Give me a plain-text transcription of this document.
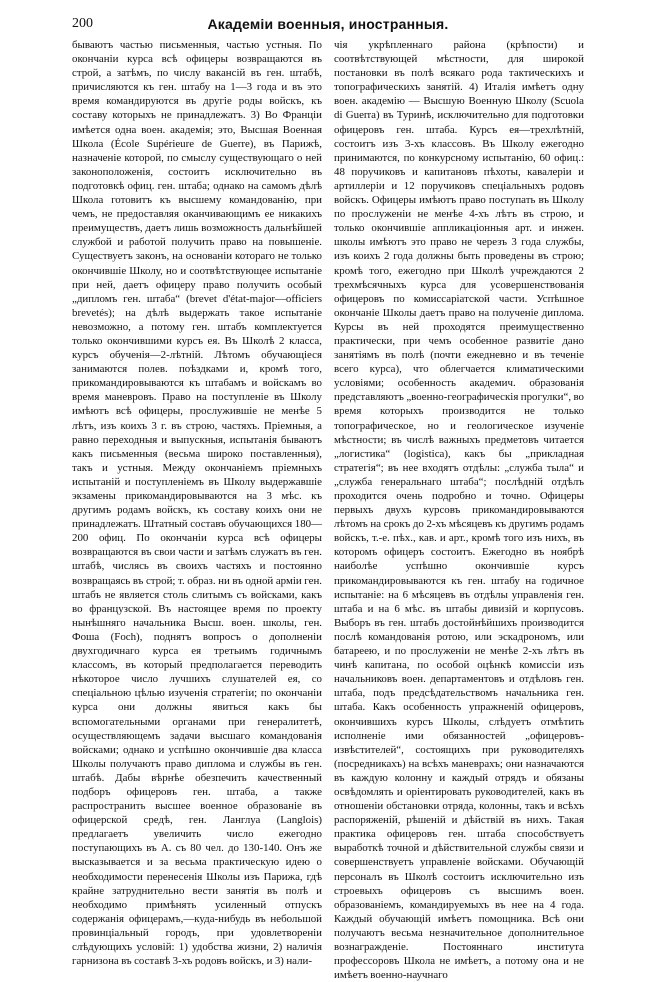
200	Академіи военныя, иностранныя.

бываютъ частью письменныя, частью устныя. По окончаніи курса всѣ офицеры возвращаются въ строй, а затѣмъ, по числу вакансій въ ген. штабѣ, причисляются къ ген. штабу на 1—3 года и въ это время командируются въ другіе роды войскъ, къ составу которыхъ не принадлежатъ. 3) Во Франціи имѣется одна воен. академія; это, Высшая Военная Школа (École Supérieure de Guerre), въ Парижѣ, назначеніе которой, по смыслу существующаго о ней законоположенія, состоитъ исключительно въ подготовкѣ офиц. ген. штаба; однако на самомъ дѣлѣ Школа готовитъ къ высшему командованію, при чемъ, не предоставляя оканчивающимъ ее никакихъ преимуществъ, даетъ лишь возможность дальнѣйшей службой и работой получить право на повышеніе. Существуетъ законъ, на основаніи котораго не только окончившіе Школу, но и соотвѣтствующее испытаніе при ней, даетъ офицеру право получить особый „дипломъ ген. штаба“ (brevet d'état-major—officiers brevetés); на дѣлѣ выдержать такое испытаніе невозможно, а потому ген. штабъ комплектуется только окончившими курсъ ея. Въ Школѣ 2 класса, курсъ обученія—2-лѣтній. Лѣтомъ обучающіеся занимаются полев. поѣздками и, кромѣ того, прикомандировываются къ штабамъ и войскамъ во время маневровъ. Право на поступленіе въ Школу имѣютъ всѣ офицеры, прослужившіе не менѣе 5 лѣтъ, изъ коихъ 3 г. въ строю, частяхъ. Пріемныя, а равно переходныя и выпускныя, испытанія бываютъ какъ письменныя (весьма широко поставленныя), такъ и устныя. Между окончаніемъ пріемныхъ испытаній и поступленіемъ въ Школу выдержавшіе экзамены прикомандировываются на 3 мѣс. къ другимъ родамъ войскъ, къ составу коихъ они не принадлежатъ. Штатный составъ обучающихся 180—200 офиц. По окончаніи курса всѣ офицеры возвращаются въ свои части и затѣмъ служатъ въ ген. штабѣ, числясь въ своихъ частяхъ и постоянно возвращаясь въ строй; т. образ. ни въ одной арміи ген. штабъ не является столь слитымъ съ войсками, какъ во французской. Въ настоящее время по проекту нынѣшняго начальника Высш. воен. школы, ген. Фоша (Foch), поднятъ вопросъ о дополненіи двухгодичнаго курса ея третьимъ годичнымъ классомъ, въ который предполагается переводить нѣкоторое число лучшихъ слушателей ея, со спеціальною цѣлью изученія стратегіи; по окончаніи курса они должны явиться какъ бы вспомогательными органами при генералитетѣ, осуществляющемъ задачи высшаго командованія войсками; однако и успѣшно окончившіе два класса Школы получаютъ право диплома и службы въ ген. штабѣ. Дабы вѣрнѣе обезпечить качественный подборъ офицеровъ ген. штаба, а также распространить высшее военное образованіе въ офицерской средѣ, ген. Ланглуа (Langlois) предлагаетъ увеличить число ежегодно поступающихъ въ А. съ 80 чел. до 130-140. Онъ же высказывается и за весьма практическую идею о необходимости перенесенія Школы изъ Парижа, гдѣ крайне затруднительно вести занятія въ полѣ и необходимо примѣнять усиленный отпускъ содержанія офицерамъ,—куда-нибудь въ небольшой провинціальный городъ, при удовлетвореніи слѣдующихъ условій: 1) удобства жизни, 2) наличія гарнизона въ составѣ 3-хъ родовъ войскъ, и 3) нали-

чія укрѣпленнаго района (крѣпости) и соотвѣтствующей мѣстности, для широкой постановки въ полѣ всякаго рода тактическихъ и топографическихъ занятій. 4) Италія имѣетъ одну воен. академію — Высшую Военную Школу (Scuola di Guerra) въ Туринѣ, исключительно для подготовки офицеровъ ген. штаба. Курсъ ея—трехлѣтній, состоитъ изъ 3-хъ классовъ. Въ Школу ежегодно принимаются, по конкурсному испытанію, 60 офиц.: 48 поручиковъ и капитановъ пѣхоты, кавалеріи и артиллеріи и 12 поручиковъ спеціальныхъ родовъ войскъ. Офицеры имѣютъ право поступать въ Школу по прослуженіи не менѣе 4-хъ лѣтъ въ строю, и только окончившіе аппликаціонныя арт. и инжен. школы имѣютъ это право не черезъ 3 года службы, изъ коихъ 2 года должны быть проведены въ строю; кромѣ того, ежегодно при Школѣ учреждаются 2 трехмѣсячныхъ курса для усовершенствованія офицеровъ по комиссаріатской части. Успѣшное окончаніе Школы даетъ право на полученіе диплома. Курсы въ ней проходятся преимущественно практически, при чемъ особенное развитіе дано занятіямъ въ полѣ (почти ежедневно и въ теченіе всего курса), что облегчается климатическими условіями; особенность академич. образованія представляютъ „военно-географическія прогулки“, во время которыхъ производится не только топографическое, но и геологическое изученіе мѣстности; въ числѣ важныхъ предметовъ читается „логистика“ (logistica), какъ бы „прикладная стратегія“; въ нее входятъ отдѣлы: „служба тыла“ и „служба генеральнаго штаба“; послѣдній отдѣлъ проходится очень подробно и точно. Офицеры первыхъ двухъ курсовъ прикомандировываются лѣтомъ на срокъ до 2-хъ мѣсяцевъ къ другимъ родамъ войскъ, т.-е. пѣх., кав. и арт., кромѣ того изъ нихъ, въ которомъ офицеръ состоитъ. Ежегодно въ ноябрѣ наиболѣе успѣшно окончившіе курсъ прикомандировываются къ ген. штабу на годичное испытаніе: на 6 мѣсяцевъ въ отдѣлы управленія ген. штаба и на 6 мѣс. въ штабы дивизій и корпусовъ. Выборъ въ ген. штабъ достойнѣйшихъ производится послѣ командованія ротою, или эскадрономъ, или батареею, и по прослуженіи не менѣе 2-хъ лѣтъ въ чинѣ капитана, по особой оцѣнкѣ комиссіи изъ начальниковъ воен. департаментовъ и отдѣловъ ген. штаба, подъ предсѣдательствомъ начальника ген. штаба. Какъ особенность упражненій офицеровъ, окончившихъ курсъ Школы, слѣдуетъ отмѣтить исполненіе ими обязанностей „офицеровъ-извѣстителей“, состоящихъ при руководителяхъ (посредникахъ) на всѣхъ маневрахъ; они назначаются въ каждую колонну и каждый отрядъ и обязаны освѣдомлять и оріентировать руководителей, какъ въ отношеніи обстановки отряда, колонны, такъ и всѣхъ распоряженій, рѣшеній и дѣйствій въ нихъ. Такая практика офицеровъ ген. штаба способствуетъ выработкѣ точной и дѣйствительной службы связи и совершенствуетъ управленіе войсками. Обучающій персоналъ въ Школѣ состоитъ исключительно изъ строевыхъ офицеровъ съ высшимъ воен. образованіемъ, командируемыхъ въ нее на 4 года. Каждый обучающій имѣетъ помощника. Всѣ они получаютъ весьма незначительное дополнительное вознагражденіе. Постояннаго института профессоровъ Школа не имѣетъ, а потому она и не имѣетъ военно-научнаго
